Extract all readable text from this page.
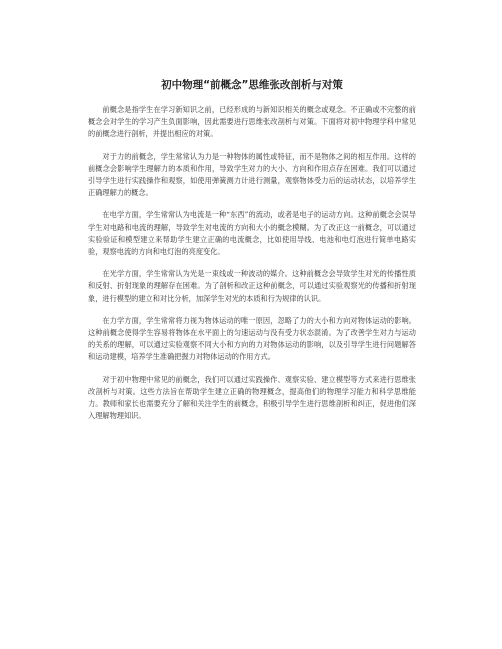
初中物理“前概念”思维张改剖析与对策

前概念是指学生在学习新知识之前，已经形成的与新知识相关的概念或观念。不正确或不完整的前概念会对学生的学习产生负面影响，因此需要进行思维张改剖析与对策。下面将对初中物理学科中常见的前概念进行剖析，并提出相应的对策。

对于力的前概念，学生常常认为力是一种物体的属性或特征，而不是物体之间的相互作用。这样的前概念会影响学生理解力的本质和作用，导致学生对力的大小、方向和作用点存在困难。我们可以通过引导学生进行实践操作和观察，如使用弹簧测力计进行测量，观察物体受力后的运动状态，以培养学生正确理解力的概念。

在电学方面，学生常常认为电流是一种“东西”的流动，或者是电子的运动方向。这种前概念会误导学生对电路和电流的理解，导致学生对电流的方向和大小的概念模糊。为了改正这一前概念，可以通过实验验证和模型建立来帮助学生建立正确的电流概念，比如使用导线、电池和电灯泡进行简单电路实验，观察电流的方向和电灯泡的亮度变化。

在光学方面，学生常常认为光是一束线或一种波动的媒介。这种前概念会导致学生对光的传播性质和反射、折射现象的理解存在困难。为了剖析和改正这种前概念，可以通过实验观察光的传播和折射现象，进行模型的建立和对比分析，加深学生对光的本质和行为规律的认识。

在力学方面，学生常常将力视为物体运动的唯一原因，忽略了力的大小和方向对物体运动的影响。这种前概念使得学生容易将物体在水平面上的匀速运动与没有受力状态混淆。为了改善学生对力与运动的关系的理解，可以通过实验观察不同大小和方向的力对物体运动的影响，以及引导学生进行问题解答和运动建模，培养学生准确把握力对物体运动的作用方式。

对于初中物理中常见的前概念，我们可以通过实践操作、观察实验、建立模型等方式来进行思维张改剖析与对策。这些方法旨在帮助学生建立正确的物理概念，提高他们的物理学习能力和科学思维能力。教师和家长也需要充分了解和关注学生的前概念，积极引导学生进行思维剖析和纠正，促进他们深入理解物理知识。
